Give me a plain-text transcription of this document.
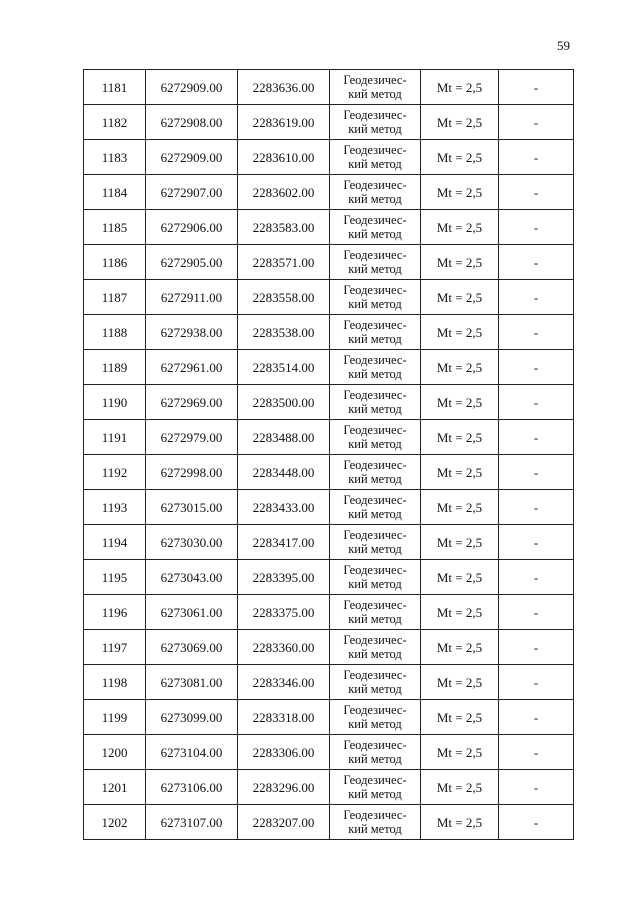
59
1181	6272909.00	2283636.00	Геодезичес-
кий метод	Mt = 2,5	-
1182	6272908.00	2283619.00	Геодезичес-
кий метод	Mt = 2,5	-
1183	6272909.00	2283610.00	Геодезичес-
кий метод	Mt = 2,5	-
1184	6272907.00	2283602.00	Геодезичес-
кий метод	Mt = 2,5	-
1185	6272906.00	2283583.00	Геодезичес-
кий метод	Mt = 2,5	-
1186	6272905.00	2283571.00	Геодезичес-
кий метод	Mt = 2,5	-
1187	6272911.00	2283558.00	Геодезичес-
кий метод	Mt = 2,5	-
1188	6272938.00	2283538.00	Геодезичес-
кий метод	Mt = 2,5	-
1189	6272961.00	2283514.00	Геодезичес-
кий метод	Mt = 2,5	-
1190	6272969.00	2283500.00	Геодезичес-
кий метод	Mt = 2,5	-
1191	6272979.00	2283488.00	Геодезичес-
кий метод	Mt = 2,5	-
1192	6272998.00	2283448.00	Геодезичес-
кий метод	Mt = 2,5	-
1193	6273015.00	2283433.00	Геодезичес-
кий метод	Mt = 2,5	-
1194	6273030.00	2283417.00	Геодезичес-
кий метод	Mt = 2,5	-
1195	6273043.00	2283395.00	Геодезичес-
кий метод	Mt = 2,5	-
1196	6273061.00	2283375.00	Геодезичес-
кий метод	Mt = 2,5	-
1197	6273069.00	2283360.00	Геодезичес-
кий метод	Mt = 2,5	-
1198	6273081.00	2283346.00	Геодезичес-
кий метод	Mt = 2,5	-
1199	6273099.00	2283318.00	Геодезичес-
кий метод	Mt = 2,5	-
1200	6273104.00	2283306.00	Геодезичес-
кий метод	Mt = 2,5	-
1201	6273106.00	2283296.00	Геодезичес-
кий метод	Mt = 2,5	-
1202	6273107.00	2283207.00	Геодезичес-
кий метод	Mt = 2,5	-
